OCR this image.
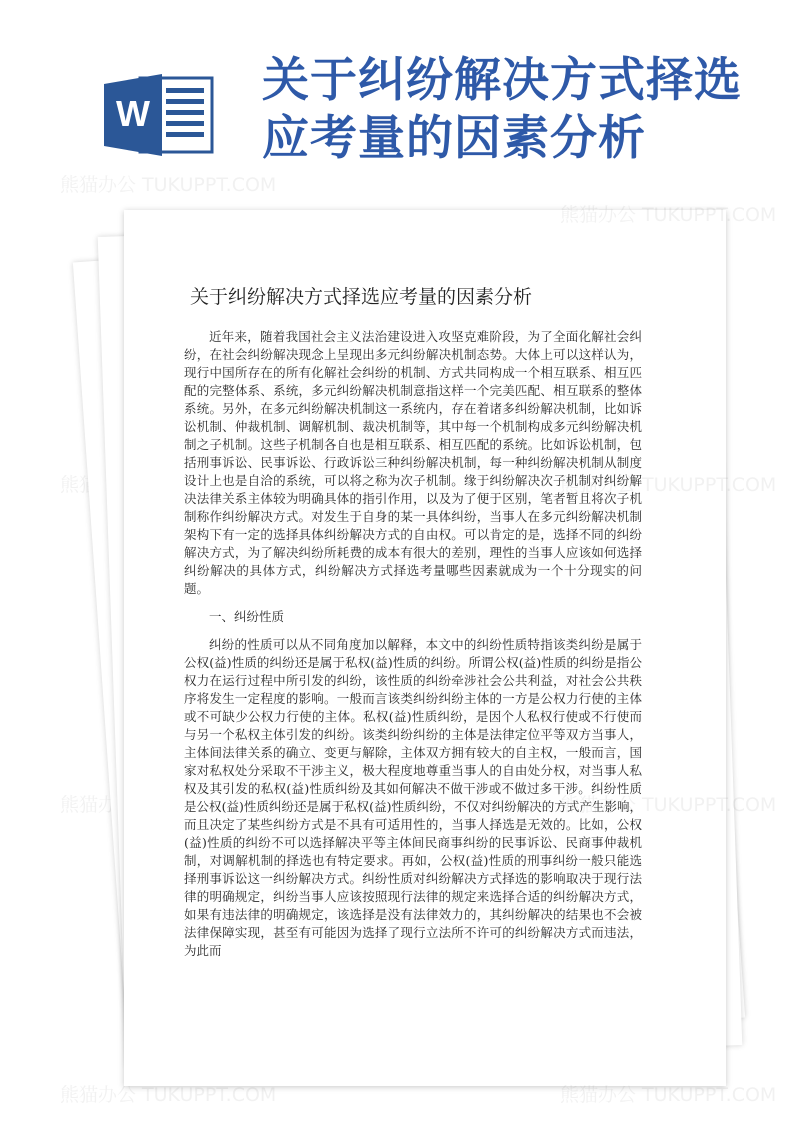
W
关于纠纷解决方式择选应考量的因素分析
熊猫办公
熊猫办公 TUKUPPT.COM
关于纠纷解决方式择选应考量的因素分析

近年来，随着我国社会主义法治建设进入攻坚克难阶段，为了全面化解社会纠纷，在社会纠纷解决现念上呈现出多元纠纷解决机制态势。大体上可以这样认为，现行中国所存在的所有化解社会纠纷的机制、方式共同构成一个相互联系、相互匹配的完整体系、系统，多元纠纷解决机制意指这样一个完美匹配、相互联系的整体系统。另外，在多元纠纷解决机制这一系统内，存在着诸多纠纷解决机制，比如诉讼机制、仲裁机制、调解机制、裁决机制等，其中每一个机制构成多元纠纷解决机制之子机制。这些子机制各自也是相互联系、相互匹配的系统。比如诉讼机制，包括刑事诉讼、民事诉讼、行政诉讼三种纠纷解决机制，每一种纠纷解决机制从制度设计上也是自洽的系统，可以将之称为次子机制。缘于纠纷解决次子机制对纠纷解决法律关系主体较为明确具体的指引作用，以及为了便于区别，笔者暂且将次子机制称作纠纷解决方式。对发生于自身的某一具体纠纷，当事人在多元纠纷解决机制架构下有一定的选择具体纠纷解决方式的自由权。可以肯定的是，选择不同的纠纷解决方式，为了解决纠纷所耗费的成本有很大的差别，理性的当事人应该如何选择纠纷解决的具体方式，纠纷解决方式择选考量哪些因素就成为一个十分现实的问题。

一、纠纷性质

纠纷的性质可以从不同角度加以解释，本文中的纠纷性质特指该类纠纷是属于公权(益)性质的纠纷还是属于私权(益)性质的纠纷。所谓公权(益)性质的纠纷是指公权力在运行过程中所引发的纠纷，该性质的纠纷牵涉社会公共利益，对社会公共秩序将发生一定程度的影响。一般而言该类纠纷纠纷主体的一方是公权力行使的主体或不可缺少公权力行使的主体。私权(益)性质纠纷，是因个人私权行使或不行使而与另一个私权主体引发的纠纷。该类纠纷纠纷的主体是法律定位平等双方当事人，主体间法律关系的确立、变更与解除，主体双方拥有较大的自主权，一般而言，国家对私权处分采取不干涉主义，极大程度地尊重当事人的自由处分权，对当事人私权及其引发的私权(益)性质纠纷及其如何解决不做干涉或不做过多干涉。纠纷性质是公权(益)性质纠纷还是属于私权(益)性质纠纷，不仅对纠纷解决的方式产生影响，而且决定了某些纠纷方式是不具有可适用性的，当事人择选是无效的。比如，公权(益)性质的纠纷不可以选择解决平等主体间民商事纠纷的民事诉讼、民商事仲裁机制，对调解机制的择选也有特定要求。再如，公权(益)性质的刑事纠纷一般只能选择刑事诉讼这一纠纷解决方式。纠纷性质对纠纷解决方式择选的影响取决于现行法律的明确规定，纠纷当事人应该按照现行法律的规定来选择合适的纠纷解决方式，如果有违法律的明确规定，该选择是没有法律效力的，其纠纷解决的结果也不会被法律保障实现，甚至有可能因为选择了现行立法所不许可的纠纷解决方式而违法，为此而

熊猫办公 TUKUPPT.COM
